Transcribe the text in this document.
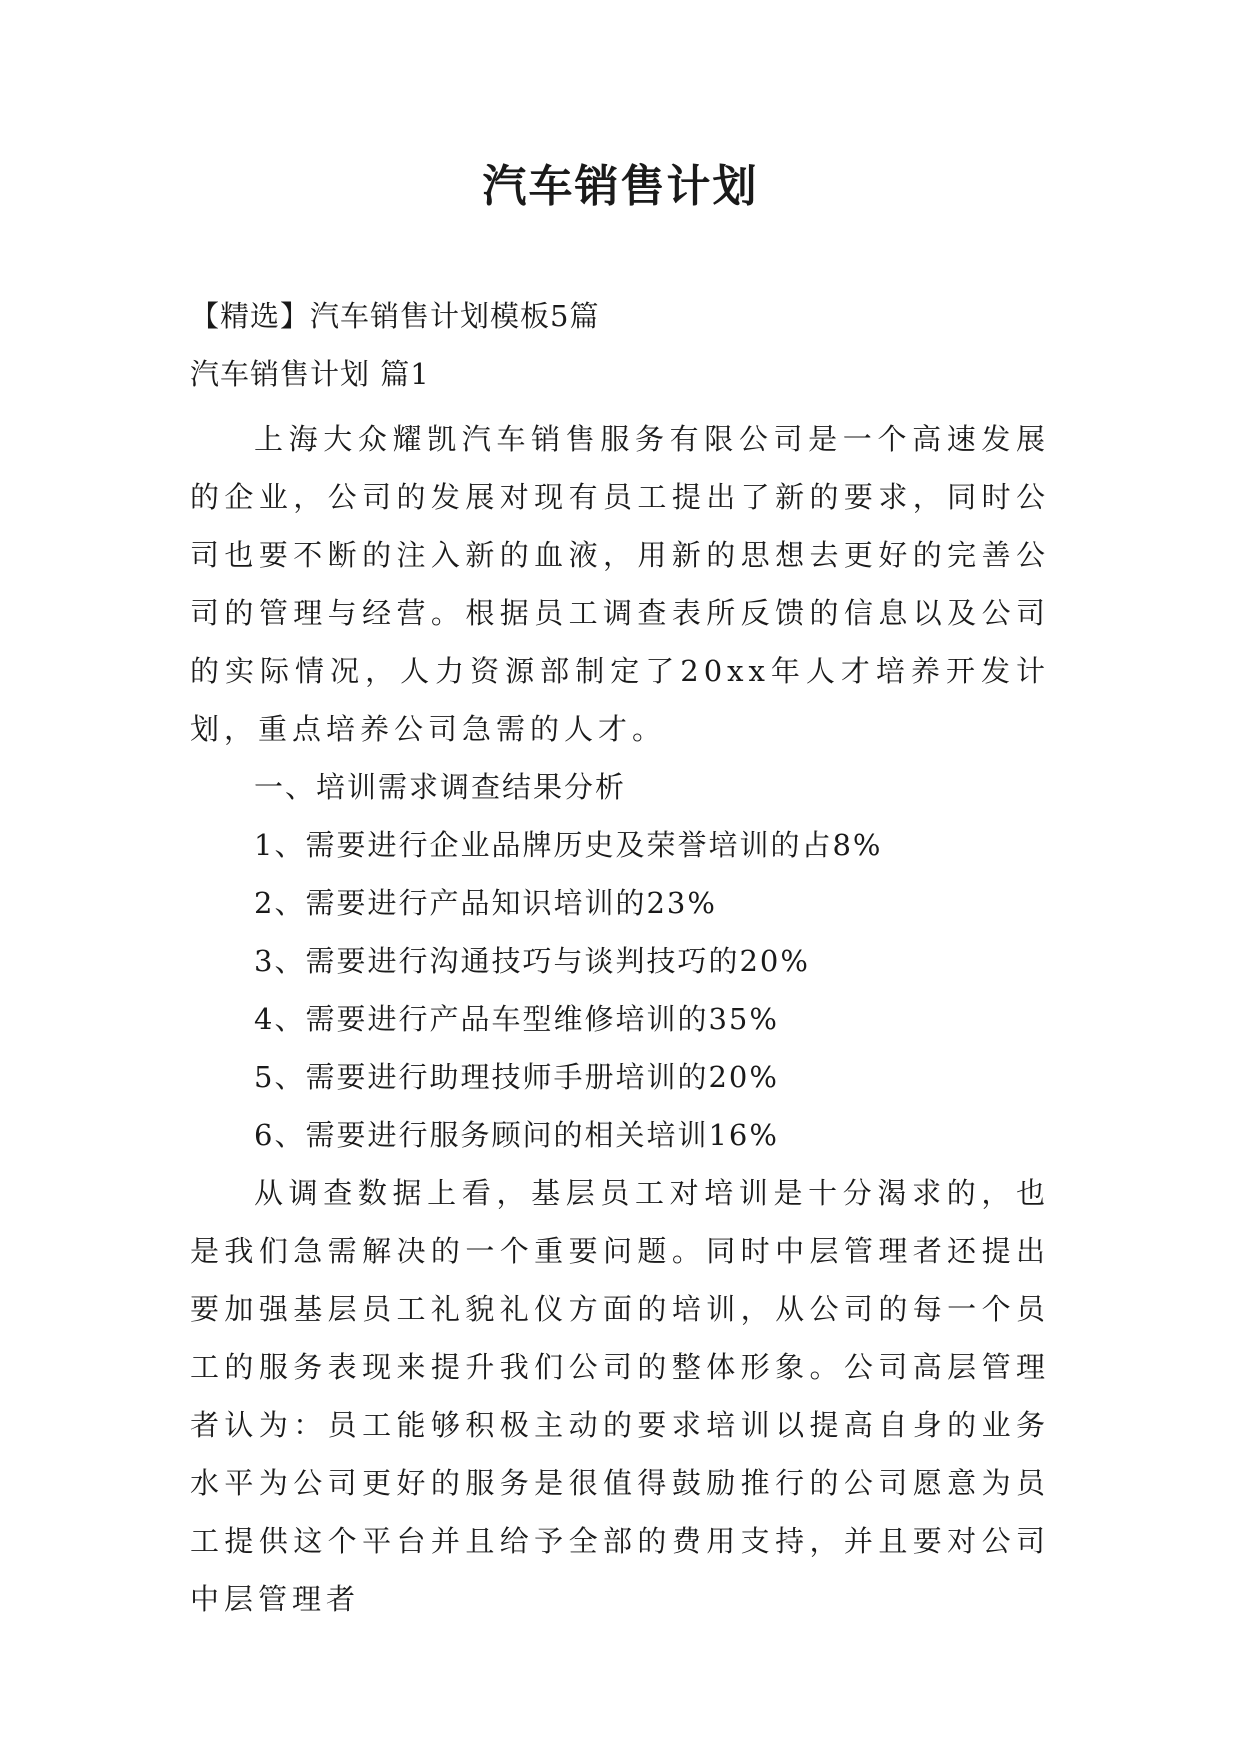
汽车销售计划
【精选】汽车销售计划模板5篇
汽车销售计划 篇1

上海大众耀凯汽车销售服务有限公司是一个高速发展的企业，公司的发展对现有员工提出了新的要求，同时公司也要不断的注入新的血液，用新的思想去更好的完善公司的管理与经营。根据员工调查表所反馈的信息以及公司的实际情况，人力资源部制定了20xx年人才培养开发计划，重点培养公司急需的人才。

一、培训需求调查结果分析

1、需要进行企业品牌历史及荣誉培训的占8%

2、需要进行产品知识培训的23%

3、需要进行沟通技巧与谈判技巧的20%

4、需要进行产品车型维修培训的35%

5、需要进行助理技师手册培训的20%

6、需要进行服务顾问的相关培训16%

从调查数据上看，基层员工对培训是十分渴求的，也是我们急需解决的一个重要问题。同时中层管理者还提出要加强基层员工礼貌礼仪方面的培训，从公司的每一个员工的服务表现来提升我们公司的整体形象。公司高层管理者认为：员工能够积极主动的要求培训以提高自身的业务水平为公司更好的服务是很值得鼓励推行的公司愿意为员工提供这个平台并且给予全部的费用支持，并且要对公司中层管理者
